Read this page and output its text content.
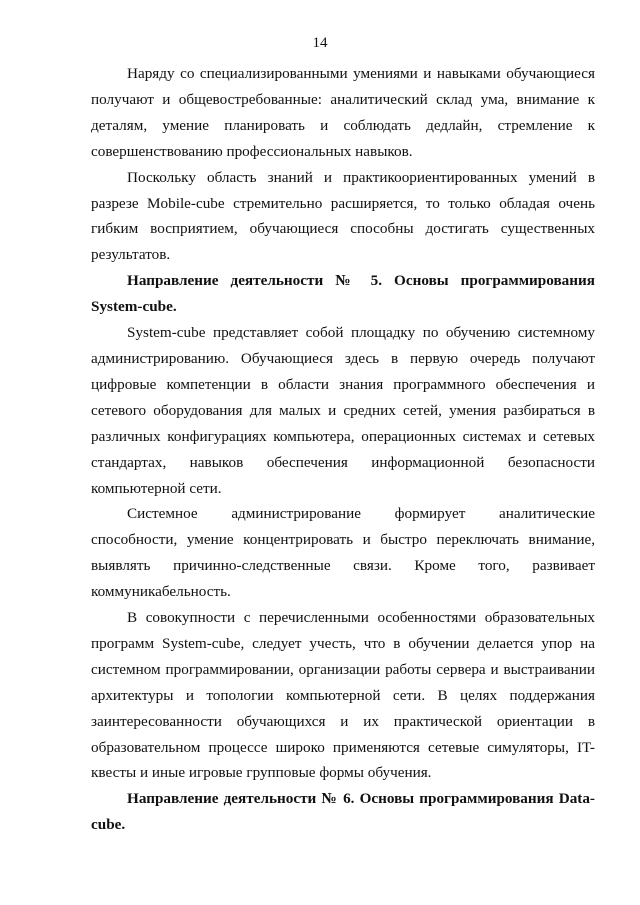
14

Наряду со специализированными умениями и навыками обучающиеся получают и общевостребованные: аналитический склад ума, внимание к деталям, умение планировать и соблюдать дедлайн, стремление к совершенствованию профессиональных навыков.

Поскольку область знаний и практикоориентированных умений в разрезе Mobile-cube стремительно расширяется, то только обладая очень гибким восприятием, обучающиеся способны достигать существенных результатов.

Направление деятельности № 5. Основы программирования System-cube.

System-cube представляет собой площадку по обучению системному администрированию. Обучающиеся здесь в первую очередь получают цифровые компетенции в области знания программного обеспечения и сетевого оборудования для малых и средних сетей, умения разбираться в различных конфигурациях компьютера, операционных системах и сетевых стандартах, навыков обеспечения информационной безопасности компьютерной сети.

Системное администрирование формирует аналитические способности, умение концентрировать и быстро переключать внимание, выявлять причинно-следственные связи. Кроме того, развивает коммуникабельность.

В совокупности с перечисленными особенностями образовательных программ System-cube, следует учесть, что в обучении делается упор на системном программировании, организации работы сервера и выстраивании архитектуры и топологии компьютерной сети. В целях поддержания заинтересованности обучающихся и их практической ориентации в образовательном процессе широко применяются сетевые симуляторы, IT-квесты и иные игровые групповые формы обучения.

Направление деятельности № 6. Основы программирования Data-cube.
